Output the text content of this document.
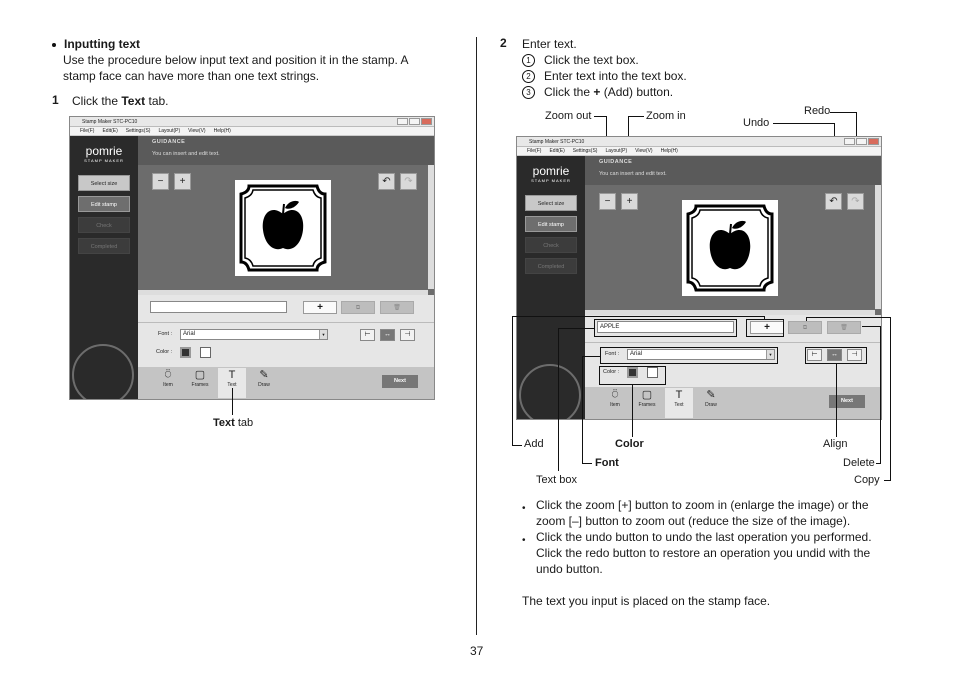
Inputting text
Use the procedure below input text and position it in the stamp. A
stamp face can have more than one text strings.
1 Click the Text tab.
Stamp Maker STC-PC10
File(F) Edit(E) Settings(S) Layout(P) View(V) Help(H)
pomrie
STAMP MAKER
Select size
Edit stamp
Check
Completed
GUIDANCE
You can insert and edit text.
−	+	↶	↷
+	⧉	🗑
Font :	Arial	▼	⊢	↔	⊣
Color :
⍥
Item
▢
Frames
T
Text
✎
Draw
Next
Text tab
2 Enter text.
1 Click the text box.
2 Enter text into the text box.
3 Click the + (Add) button.
Zoom out	Zoom in
Undo
Redo
Stamp Maker STC-PC10
File(F) Edit(E) Settings(S) Layout(P) View(V) Help(H)
pomrie
STAMP MAKER
Select size
Edit stamp
Check
Completed
GUIDANCE
You can insert and edit text.
−	+	↶	↷
APPLE	+	⧉	🗑
Font :	Arial	▼	⊢	↔	⊣
Color :
⍥
Item
▢
Frames
T
Text
✎
Draw
Next
Add
Text box
Font
Color	Align
Delete
Copy
• Click the zoom [+] button to zoom in (enlarge the image) or the
zoom [–] button to zoom out (reduce the size of the image).
• Click the undo button to undo the last operation you performed.
Click the redo button to restore an operation you undid with the
undo button.
The text you input is placed on the stamp face.
37
